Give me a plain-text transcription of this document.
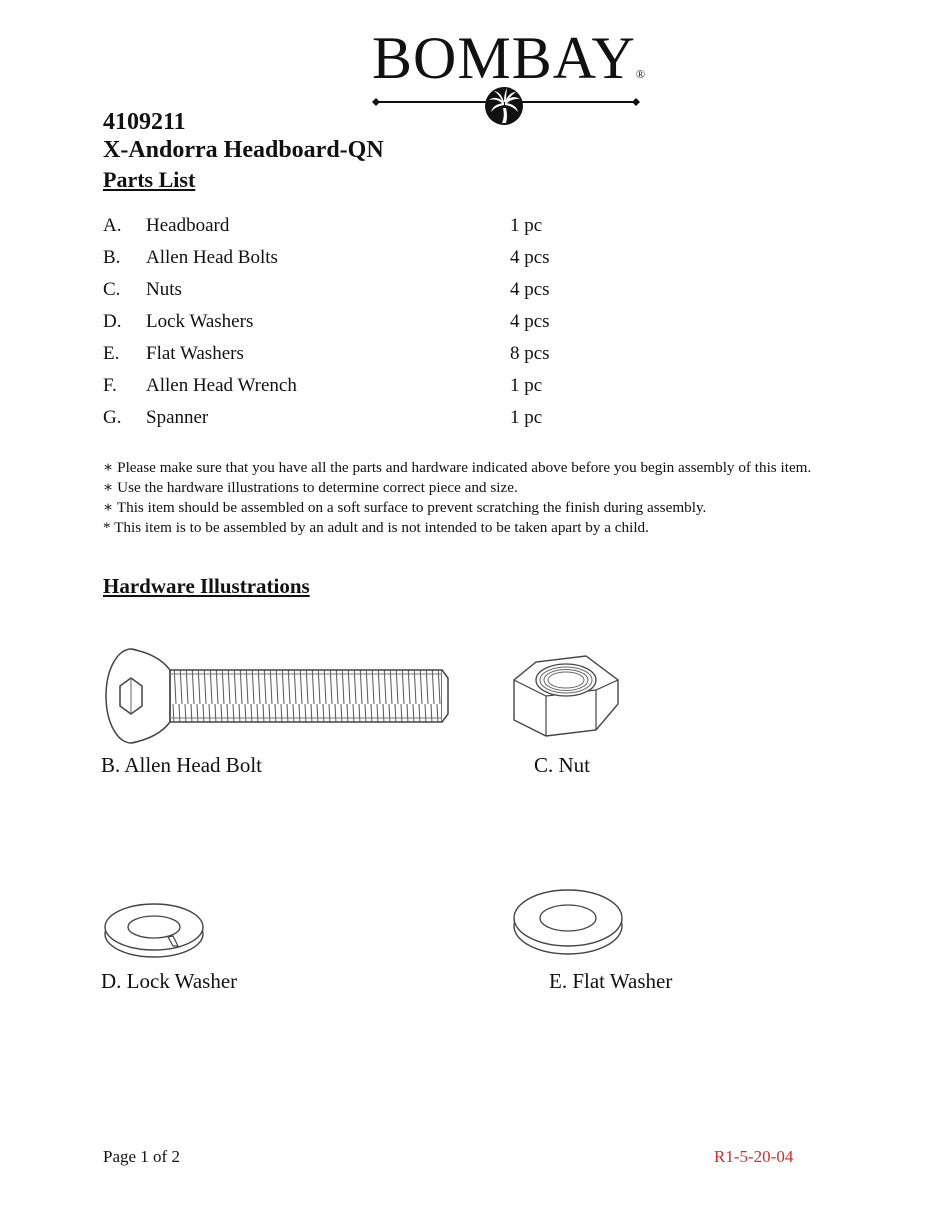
BOMBAY®
4109211
X-Andorra Headboard-QN
Parts List
A. Headboard	1 pc
B. Allen Head Bolts	4 pcs
C. Nuts	4 pcs
D. Lock Washers	4 pcs
E. Flat Washers	8 pcs
F. Allen Head Wrench	1 pc
G. Spanner	1 pc
∗ Please make sure that you have all the parts and hardware indicated above before you begin assembly of this item.
∗ Use the hardware illustrations to determine correct piece and size.
∗ This item should be assembled on a soft surface to prevent scratching the finish during assembly.
* This item is to be assembled by an adult and is not intended to be taken apart by a child.
Hardware Illustrations
B. Allen Head Bolt	C. Nut
D. Lock Washer	E. Flat Washer
Page 1 of 2	R1-5-20-04
